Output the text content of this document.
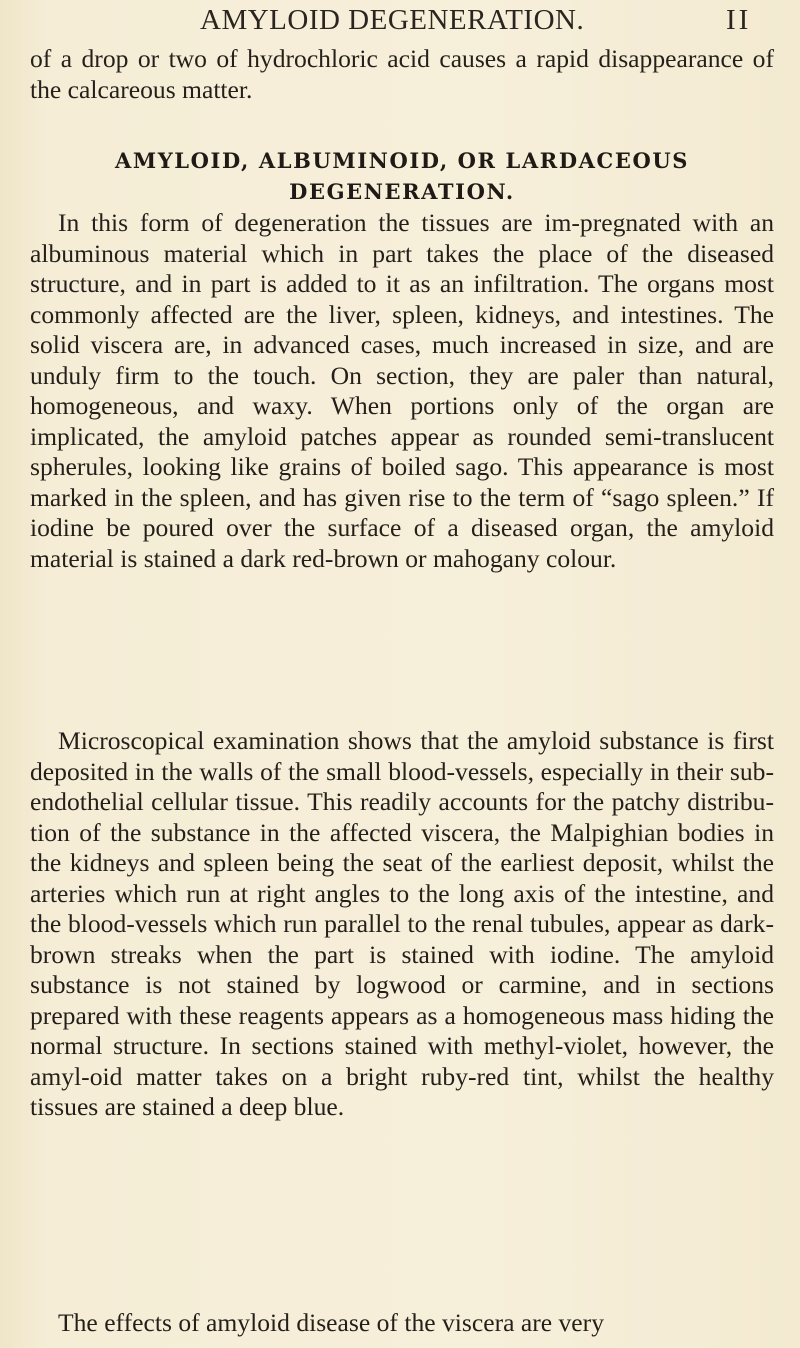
AMYLOID DEGENERATION.	II
of a drop or two of hydrochloric acid causes a rapid disappearance of the calcareous matter.
AMYLOID, ALBUMINOID, OR LARDACEOUS DEGENERATION.
In this form of degeneration the tissues are im-pregnated with an albuminous material which in part takes the place of the diseased structure, and in part is added to it as an infiltration. The organs most commonly affected are the liver, spleen, kidneys, and intestines. The solid viscera are, in advanced cases, much increased in size, and are unduly firm to the touch. On section, they are paler than natural, homogeneous, and waxy. When portions only of the organ are implicated, the amyloid patches appear as rounded semi-translucent spherules, looking like grains of boiled sago. This appearance is most marked in the spleen, and has given rise to the term of “sago spleen.” If iodine be poured over the surface of a diseased organ, the amyloid material is stained a dark red-brown or mahogany colour.
Microscopical examination shows that the amyloid substance is first deposited in the walls of the small blood-vessels, especially in their sub-endothelial cellular tissue. This readily accounts for the patchy distribu-tion of the substance in the affected viscera, the Malpighian bodies in the kidneys and spleen being the seat of the earliest deposit, whilst the arteries which run at right angles to the long axis of the intestine, and the blood-vessels which run parallel to the renal tubules, appear as dark-brown streaks when the part is stained with iodine. The amyloid substance is not stained by logwood or carmine, and in sections prepared with these reagents appears as a homogeneous mass hiding the normal structure. In sections stained with methyl-violet, however, the amyl-oid matter takes on a bright ruby-red tint, whilst the healthy tissues are stained a deep blue.
The effects of amyloid disease of the viscera are very
